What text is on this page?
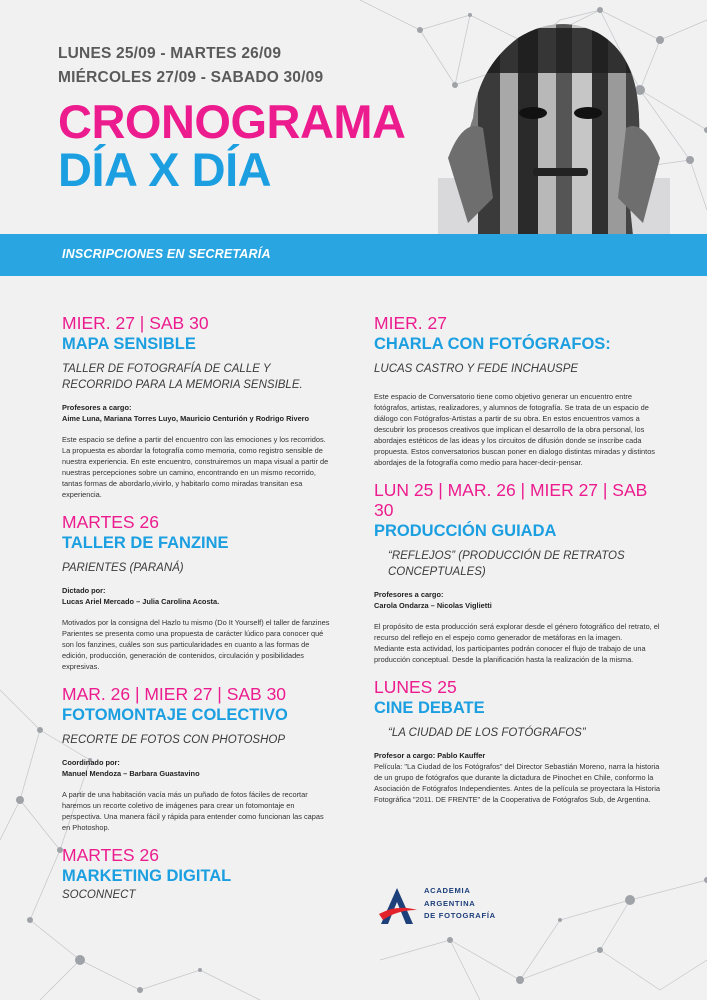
LUNES 25/09 - MARTES 26/09
MIÉRCOLES 27/09 - SABADO 30/09
CRONOGRAMA
DÍA X DÍA
INSCRIPCIONES EN SECRETARÍA
MIER. 27 | SAB 30
MAPA SENSIBLE
TALLER DE FOTOGRAFÍA DE CALLE Y RECORRIDO PARA LA MEMORIA SENSIBLE.
Profesores a cargo:
Aime Luna, Mariana Torres Luyo, Mauricio Centurión y Rodrigo Rivero
Este espacio se define a partir del encuentro con las emociones y los recorridos. La propuesta es abordar la fotografía como memoria, como registro sensible de nuestra experiencia. En este encuentro, construiremos un mapa visual a partir de nuestras percepciones sobre un camino, encontrando en un mismo recorrido, tantas formas de abordarlo,vivirlo, y habitarlo como miradas transitan esa experiencia.
MARTES 26
TALLER DE FANZINE
PARIENTES (PARANÁ)
Dictado por:
Lucas Ariel Mercado – Julia Carolina Acosta.
Motivados por la consigna del Hazlo tu mismo (Do It Yourself) el taller de fanzines Parientes se presenta como una propuesta de carácter lúdico para conocer qué son los fanzines, cuáles son sus particularidades en cuanto a las formas de edición, producción, generación de contenidos, circulación y posibilidades expresivas.
MAR. 26 | MIER 27 | SAB 30
FOTOMONTAJE COLECTIVO
RECORTE DE FOTOS CON PHOTOSHOP
Coordinado por:
Manuel Mendoza – Barbara Guastavino
A partir de una habitación vacía más un puñado de fotos fáciles de recortar haremos un recorte coletivo de imágenes para crear un fotomontaje en perspectiva. Una manera fácil y rápida para entender como funcionan las capas en Photoshop.
MARTES 26
MARKETING DIGITAL
SOCONNECT
MIER. 27
CHARLA CON FOTÓGRAFOS:
LUCAS CASTRO Y FEDE INCHAUSPE
Este espacio de Conversatorio tiene como objetivo generar un encuentro entre fotógrafos, artistas, realizadores, y alumnos de fotografía. Se trata de un espacio de diálogo con Fotógrafos-Artistas a partir de su obra. En estos encuentros vamos a descubrir los procesos creativos que implican el desarrollo de la obra personal, los abordajes estéticos de las ideas y los circuitos de difusión donde se inscribe cada propuesta. Estos conversatorios buscan poner en dialogo distintas miradas y distintos abordajes de la fotografía como medio para hacer-decir-pensar.
LUN 25 | MAR. 26 | MIER 27 | SAB 30
PRODUCCIÓN GUIADA
“REFLEJOS” (PRODUCCIÓN DE RETRATOS CONCEPTUALES)
Profesores a cargo:
Carola Ondarza – Nicolas Viglietti
El propósito de esta producción será explorar desde el género fotográfico del retrato, el recurso del reflejo en el espejo como generador de metáforas en la imagen.
Mediante esta actividad, los participantes podrán conocer el flujo de trabajo de una producción conceptual. Desde la planificación hasta la realización de la misma.
LUNES 25
CINE DEBATE
“LA CIUDAD DE LOS FOTÓGRAFOS”
Profesor a cargo: Pablo Kauffer
Película: "La Ciudad de los Fotógrafos" del Director Sebastián Moreno, narra la historia de un grupo de fotógrafos que durante la dictadura de Pinochet en Chile, conformo la Asociación de Fotógrafos Independientes. Antes de la película se proyectara la Historia Fotográfica "2011. DE FRENTE" de la Cooperativa de Fotógrafos Sub, de Argentina.
ACADEMIA
ARGENTINA
DE FOTOGRAFÍA
